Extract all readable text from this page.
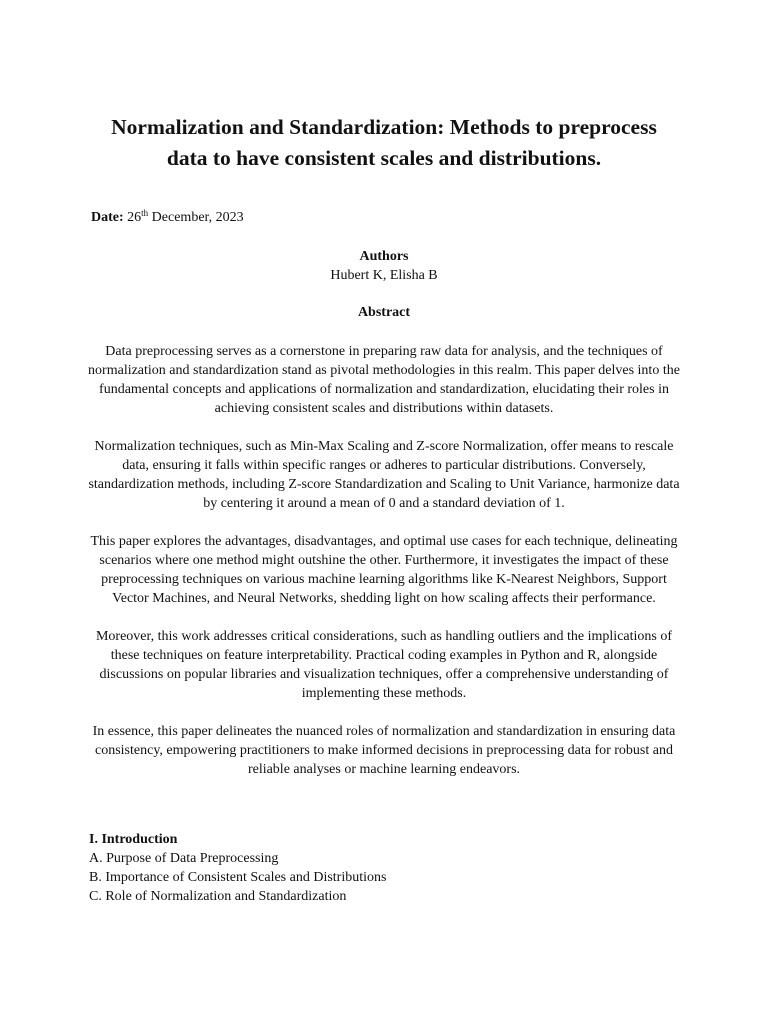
Normalization and Standardization: Methods to preprocess
data to have consistent scales and distributions.
Date: 26th December, 2023
Authors
Hubert K, Elisha B
Abstract

Data preprocessing serves as a cornerstone in preparing raw data for analysis, and the techniques of normalization and standardization stand as pivotal methodologies in this realm. This paper delves into the fundamental concepts and applications of normalization and standardization, elucidating their roles in achieving consistent scales and distributions within datasets.

Normalization techniques, such as Min-Max Scaling and Z-score Normalization, offer means to rescale data, ensuring it falls within specific ranges or adheres to particular distributions. Conversely, standardization methods, including Z-score Standardization and Scaling to Unit Variance, harmonize data by centering it around a mean of 0 and a standard deviation of 1.

This paper explores the advantages, disadvantages, and optimal use cases for each technique, delineating scenarios where one method might outshine the other. Furthermore, it investigates the impact of these preprocessing techniques on various machine learning algorithms like K-Nearest Neighbors, Support Vector Machines, and Neural Networks, shedding light on how scaling affects their performance.

Moreover, this work addresses critical considerations, such as handling outliers and the implications of these techniques on feature interpretability. Practical coding examples in Python and R, alongside discussions on popular libraries and visualization techniques, offer a comprehensive understanding of implementing these methods.

In essence, this paper delineates the nuanced roles of normalization and standardization in ensuring data consistency, empowering practitioners to make informed decisions in preprocessing data for robust and reliable analyses or machine learning endeavors.

I. Introduction
A. Purpose of Data Preprocessing
B. Importance of Consistent Scales and Distributions
C. Role of Normalization and Standardization
